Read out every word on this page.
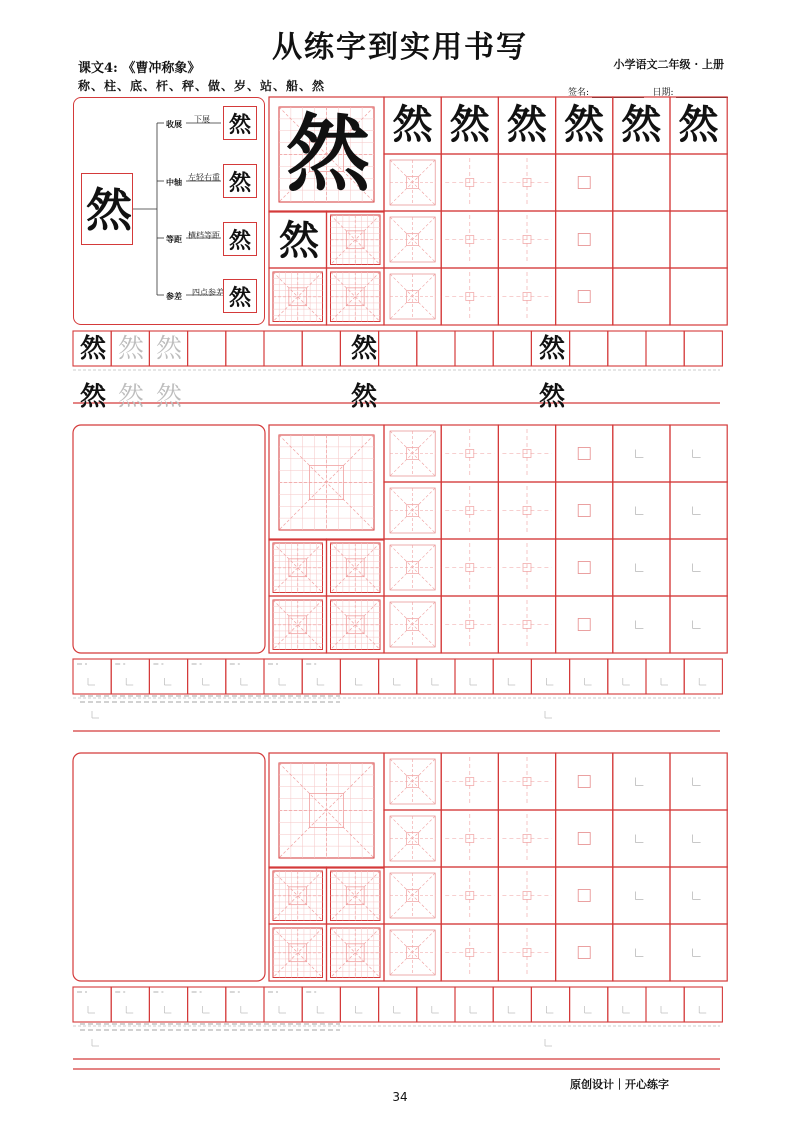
从练字到实用书写
课文4: 《曹冲称象》	小学语文二年级 · 上册
称、柱、底、杆、秤、做、岁、站、船、然	签名:	日期:
然
收展
中轴
等距
参差
下展
左轻右重
横档等距
四点参差
然
然
然
然
然
然
然 然 然 然 然 然
然 然 然	然	然
然 然 然	然	然
原创设计｜开心练字
34
